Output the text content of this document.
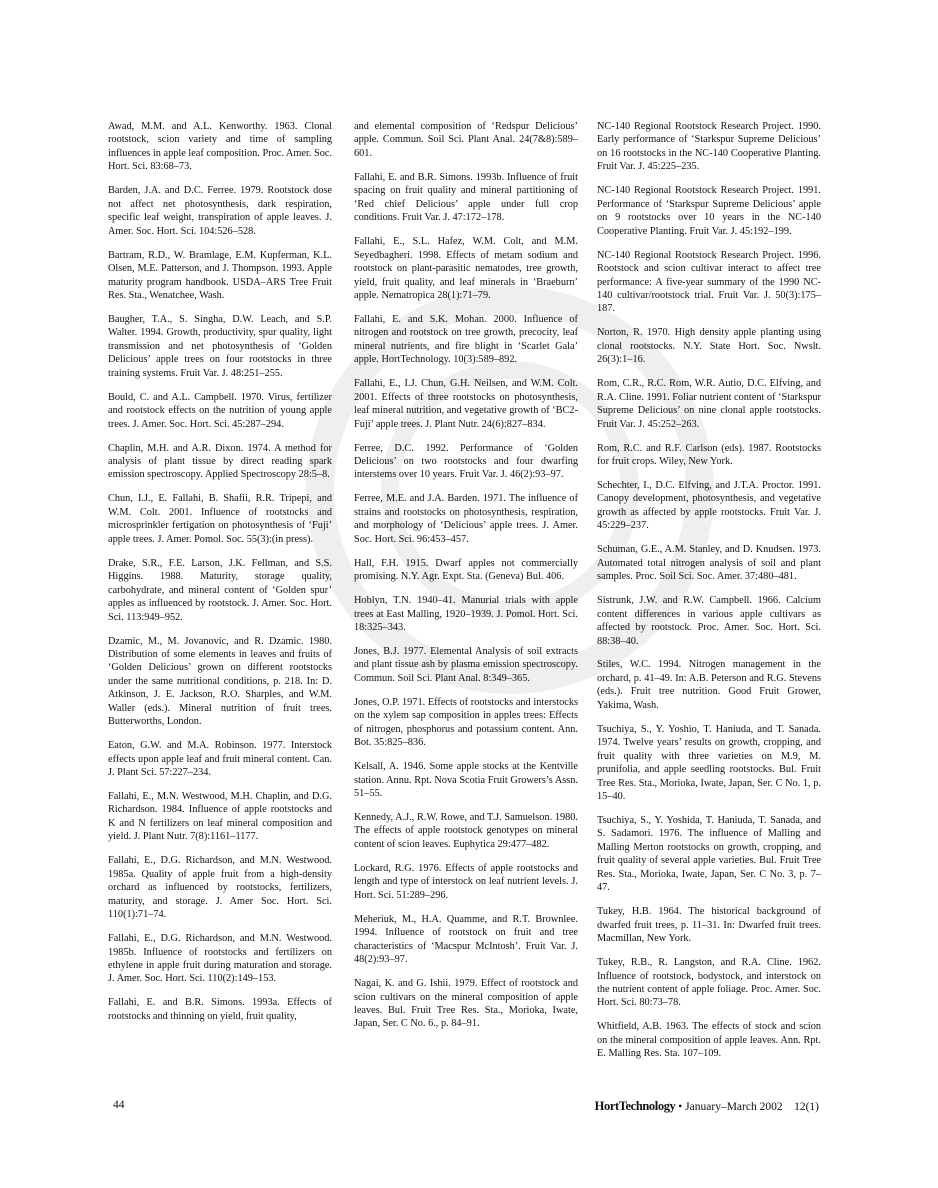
Awad, M.M. and A.L. Kenworthy. 1963. Clonal rootstock, scion variety and time of sampling influences in apple leaf composition. Proc. Amer. Soc. Hort. Sci. 83:68–73.

Barden, J.A. and D.C. Ferree. 1979. Rootstock dose not affect net photosynthesis, dark respiration, specific leaf weight, transpiration of apple leaves. J. Amer. Soc. Hort. Sci. 104:526–528.

Bartram, R.D., W. Bramlage, E.M. Kupferman, K.L. Olsen, M.E. Patterson, and J. Thompson. 1993. Apple maturity program handbook. USDA–ARS Tree Fruit Res. Sta., Wenatchee, Wash.

Baugher, T.A., S. Singha, D.W. Leach, and S.P. Walter. 1994. Growth, productivity, spur quality, light transmission and net photosynthesis of ‘Golden Delicious’ apple trees on four rootstocks in three training systems. Fruit Var. J. 48:251–255.

Bould, C. and A.L. Campbell. 1970. Virus, fertilizer and rootstock effects on the nutrition of young apple trees. J. Amer. Soc. Hort. Sci. 45:287–294.

Chaplin, M.H. and A.R. Dixon. 1974. A method for analysis of plant tissue by direct reading spark emission spectroscopy. Applied Spectroscopy 28:5–8.

Chun, I.J., E. Fallahi, B. Shafii, R.R. Tripepi, and W.M. Colt. 2001. Influence of rootstocks and microsprinkler fertigation on photosynthesis of ‘Fuji’ apple trees. J. Amer. Pomol. Soc. 55(3):(in press).

Drake, S.R., F.E. Larson, J.K. Fellman, and S.S. Higgins. 1988. Maturity, storage quality, carbohydrate, and mineral content of ‘Golden spur’ apples as influenced by rootstock. J. Amer. Soc. Hort. Sci. 113:949–952.

Dzamic, M., M. Jovanovic, and R. Dzamic. 1980. Distribution of some elements in leaves and fruits of ‘Golden Delicious’ grown on different rootstocks under the same nutritional conditions, p. 218. In: D. Atkinson, J. E. Jackson, R.O. Sharples, and W.M. Waller (eds.). Mineral nutrition of fruit trees. Butterworths, London.

Eaton, G.W. and M.A. Robinson. 1977. Interstock effects upon apple leaf and fruit mineral content. Can. J. Plant Sci. 57:227–234.

Fallahi, E., M.N. Westwood, M.H. Chaplin, and D.G. Richardson. 1984. Influence of apple rootstocks and K and N fertilizers on leaf mineral composition and yield. J. Plant Nutr. 7(8):1161–1177.

Fallahi, E., D.G. Richardson, and M.N. Westwood. 1985a. Quality of apple fruit from a high-density orchard as influenced by rootstocks, fertilizers, maturity, and storage. J. Amer Soc. Hort. Sci. 110(1):71–74.

Fallahi, E., D.G. Richardson, and M.N. Westwood. 1985b. Influence of rootstocks and fertilizers on ethylene in apple fruit during maturation and storage. J. Amer. Soc. Hort. Sci. 110(2):149–153.

Fallahi, E. and B.R. Simons. 1993a. Effects of rootstocks and thinning on yield, fruit quality,

and elemental composition of ‘Redspur Delicious’ apple. Commun. Soil Sci. Plant Anal. 24(7&8):589–601.

Fallahi, E. and B.R. Simons. 1993b. Influence of fruit spacing on fruit quality and mineral partitioning of ‘Red chief Delicious’ apple under full crop conditions. Fruit Var. J. 47:172–178.

Fallahi, E., S.L. Hafez, W.M. Colt, and M.M. Seyedbagheri. 1998. Effects of metam sodium and rootstock on plant-parasitic nematodes, tree growth, yield, fruit quality, and leaf minerals in ‘Braeburn’ apple. Nematropica 28(1):71–79.

Fallahi, E. and S.K. Mohan. 2000. Influence of nitrogen and rootstock on tree growth, precocity, leaf mineral nutrients, and fire blight in ‘Scarlet Gala’ apple. HortTechnology. 10(3):589–892.

Fallahi, E., I.J. Chun, G.H. Neilsen, and W.M. Colt. 2001. Effects of three rootstocks on photosynthesis, leaf mineral nutrition, and vegetative growth of ‘BC2-Fuji’ apple trees. J. Plant Nutr. 24(6):827–834.

Ferree, D.C. 1992. Performance of ‘Golden Delicious’ on two rootstocks and four dwarfing interstems over 10 years. Fruit Var. J. 46(2):93–97.

Ferree, M.E. and J.A. Barden. 1971. The influence of strains and rootstocks on photosynthesis, respiration, and morphology of ‘Delicious’ apple trees. J. Amer. Soc. Hort. Sci. 96:453–457.

Hall, F.H. 1915. Dwarf apples not commercially promising. N.Y. Agr. Expt. Sta. (Geneva) Bul. 406.

Hoblyn, T.N. 1940–41. Manurial trials with apple trees at East Malling, 1920–1939. J. Pomol. Hort. Sci. 18:325–343.

Jones, B.J. 1977. Elemental Analysis of soil extracts and plant tissue ash by plasma emission spectroscopy. Commun. Soil Sci. Plant Anal. 8:349–365.

Jones, O.P. 1971. Effects of rootstocks and interstocks on the xylem sap composition in apples trees: Effects of nitrogen, phosphorus and potassium content. Ann. Bot. 35:825–836.

Kelsall, A. 1946. Some apple stocks at the Kentville station. Annu. Rpt. Nova Scotia Fruit Growers’s Assn. 51–55.

Kennedy, A.J., R.W. Rowe, and T.J. Samuelson. 1980. The effects of apple rootstock genotypes on mineral content of scion leaves. Euphytica 29:477–482.

Lockard, R.G. 1976. Effects of apple rootstocks and length and type of interstock on leaf nutrient levels. J. Hort. Sci. 51:289–296.

Meheriuk, M., H.A. Quamme, and R.T. Brownlee. 1994. Influence of rootstock on fruit and tree characteristics of ‘Macspur McIntosh’. Fruit Var. J. 48(2):93–97.

Nagai, K. and G. Ishii. 1979. Effect of rootstock and scion cultivars on the mineral composition of apple leaves. Bul. Fruit Tree Res. Sta., Morioka, Iwate, Japan, Ser. C No. 6., p. 84–91.

NC-140 Regional Rootstock Research Project. 1990. Early performance of ‘Starkspur Supreme Delicious’ on 16 rootstocks in the NC-140 Cooperative Planting. Fruit Var. J. 45:225–235.

NC-140 Regional Rootstock Research Project. 1991. Performance of ‘Starkspur Supreme Delicious’ apple on 9 rootstocks over 10 years in the NC-140 Cooperative Planting. Fruit Var. J. 45:192–199.

NC-140 Regional Rootstock Research Project. 1996. Rootstock and scion cultivar interact to affect tree performance: A five-year summary of the 1990 NC-140 cultivar/rootstock trial. Fruit Var. J. 50(3):175–187.

Norton, R. 1970. High density apple planting using clonal rootstocks. N.Y. State Hort. Soc. Nwslt. 26(3):1–16.

Rom, C.R., R.C. Rom, W.R. Autio, D.C. Elfving, and R.A. Cline. 1991. Foliar nutrient content of ‘Starkspur Supreme Delicious’ on nine clonal apple rootstocks. Fruit Var. J. 45:252–263.

Rom, R.C. and R.F. Carlson (eds). 1987. Rootstocks for fruit crops. Wiley, New York.

Schechter, I., D.C. Elfving, and J.T.A. Proctor. 1991. Canopy development, photosynthesis, and vegetative growth as affected by apple rootstocks. Fruit Var. J. 45:229–237.

Schuman, G.E., A.M. Stanley, and D. Knudsen. 1973. Automated total nitrogen analysis of soil and plant samples. Proc. Soil Sci. Soc. Amer. 37:480–481.

Sistrunk, J.W. and R.W. Campbell. 1966. Calcium content differences in various apple cultivars as affected by rootstock. Proc. Amer. Soc. Hort. Sci. 88:38–40.

Stiles, W.C. 1994. Nitrogen management in the orchard, p. 41–49. In: A.B. Peterson and R.G. Stevens (eds.). Fruit tree nutrition. Good Fruit Grower, Yakima, Wash.

Tsuchiya, S., Y. Yoshio, T. Haniuda, and T. Sanada. 1974. Twelve years’ results on growth, cropping, and fruit quality with three varieties on M.9, M. prunifolia, and apple seedling rootstocks. Bul. Fruit Tree Res. Sta., Morioka, Iwate, Japan, Ser. C No. 1, p. 15–40.

Tsuchiya, S., Y. Yoshida, T. Haniuda, T. Sanada, and S. Sadamori. 1976. The influence of Malling and Malling Merton rootstocks on growth, cropping, and fruit quality of several apple varieties. Bul. Fruit Tree Res. Sta., Morioka, Iwate, Japan, Ser. C No. 3, p. 7–47.

Tukey, H.B. 1964. The historical background of dwarfed fruit trees, p. 11–31. In: Dwarfed fruit trees. Macmillan, New York.

Tukey, R.B., R. Langston, and R.A. Cline. 1962. Influence of rootstock, bodystock, and interstock on the nutrient content of apple foliage. Proc. Amer. Soc. Hort. Sci. 80:73–78.

Whitfield, A.B. 1963. The effects of stock and scion on the mineral composition of apple leaves. Ann. Rpt. E. Malling Res. Sta. 107–109.

44	HortTechnology • January–March 2002    12(1)
